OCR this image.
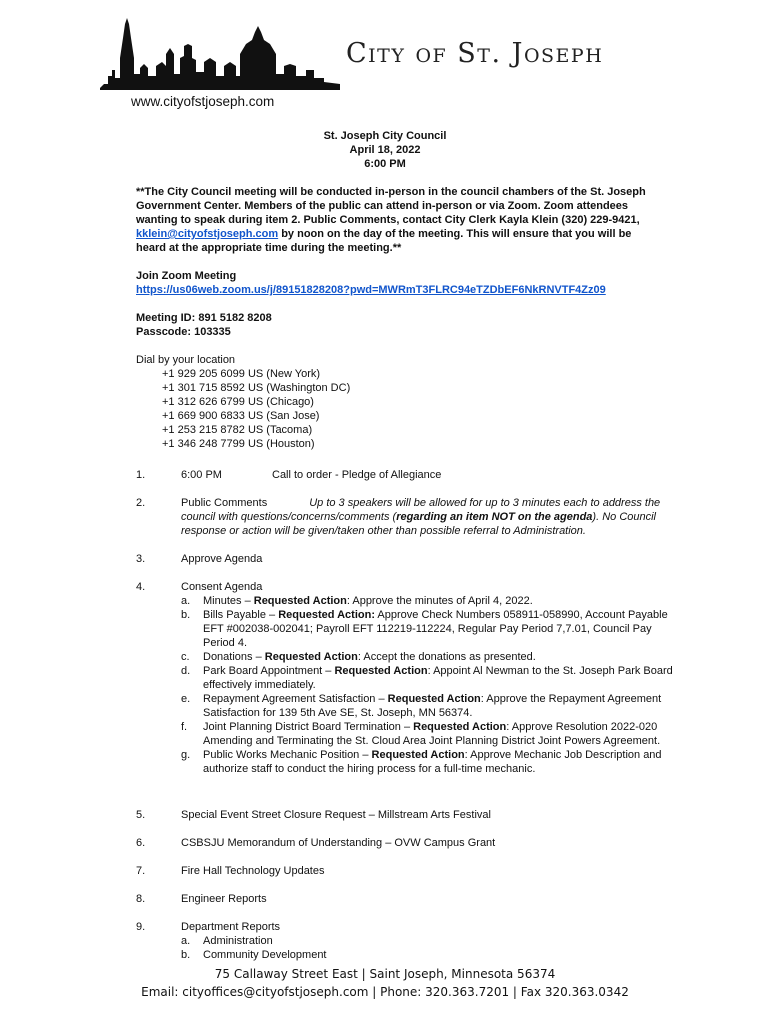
City of St. Joseph
www.cityofstjoseph.com
St. Joseph City Council
April 18, 2022
6:00 PM
**The City Council meeting will be conducted in-person in the council chambers of the St. Joseph Government Center. Members of the public can attend in-person or via Zoom. Zoom attendees wanting to speak during item 2. Public Comments, contact City Clerk Kayla Klein (320) 229-9421, kklein@cityofstjoseph.com by noon on the day of the meeting. This will ensure that you will be heard at the appropriate time during the meeting.**
Join Zoom Meeting
https://us06web.zoom.us/j/89151828208?pwd=MWRmT3FLRC94eTZDbEF6NkRNVTF4Zz09
Meeting ID: 891 5182 8208
Passcode: 103335
Dial by your location
+1 929 205 6099 US (New York)
+1 301 715 8592 US (Washington DC)
+1 312 626 6799 US (Chicago)
+1 669 900 6833 US (San Jose)
+1 253 215 8782 US (Tacoma)
+1 346 248 7799 US (Houston)
1.	6:00 PM	Call to order - Pledge of Allegiance
2.	Public Comments	Up to 3 speakers will be allowed for up to 3 minutes each to address the council with questions/concerns/comments (regarding an item NOT on the agenda). No Council response or action will be given/taken other than possible referral to Administration.
3.	Approve Agenda
4.	Consent Agenda
a.	Minutes – Requested Action: Approve the minutes of April 4, 2022.
b.	Bills Payable – Requested Action: Approve Check Numbers 058911-058990, Account Payable EFT #002038-002041; Payroll EFT 112219-112224, Regular Pay Period 7,7.01, Council Pay Period 4.
c.	Donations – Requested Action: Accept the donations as presented.
d.	Park Board Appointment – Requested Action: Appoint Al Newman to the St. Joseph Park Board effectively immediately.
e.	Repayment Agreement Satisfaction – Requested Action: Approve the Repayment Agreement Satisfaction for 139 5th Ave SE, St. Joseph, MN 56374.
f.	Joint Planning District Board Termination – Requested Action: Approve Resolution 2022-020 Amending and Terminating the St. Cloud Area Joint Planning District Joint Powers Agreement.
g.	Public Works Mechanic Position – Requested Action: Approve Mechanic Job Description and authorize staff to conduct the hiring process for a full-time mechanic.
5.	Special Event Street Closure Request – Millstream Arts Festival
6.	CSBSJU Memorandum of Understanding – OVW Campus Grant
7.	Fire Hall Technology Updates
8.	Engineer Reports
9.	Department Reports
a.	Administration
b.	Community Development
75 Callaway Street East | Saint Joseph, Minnesota 56374
Email: cityoffices@cityofstjoseph.com | Phone: 320.363.7201 | Fax 320.363.0342
